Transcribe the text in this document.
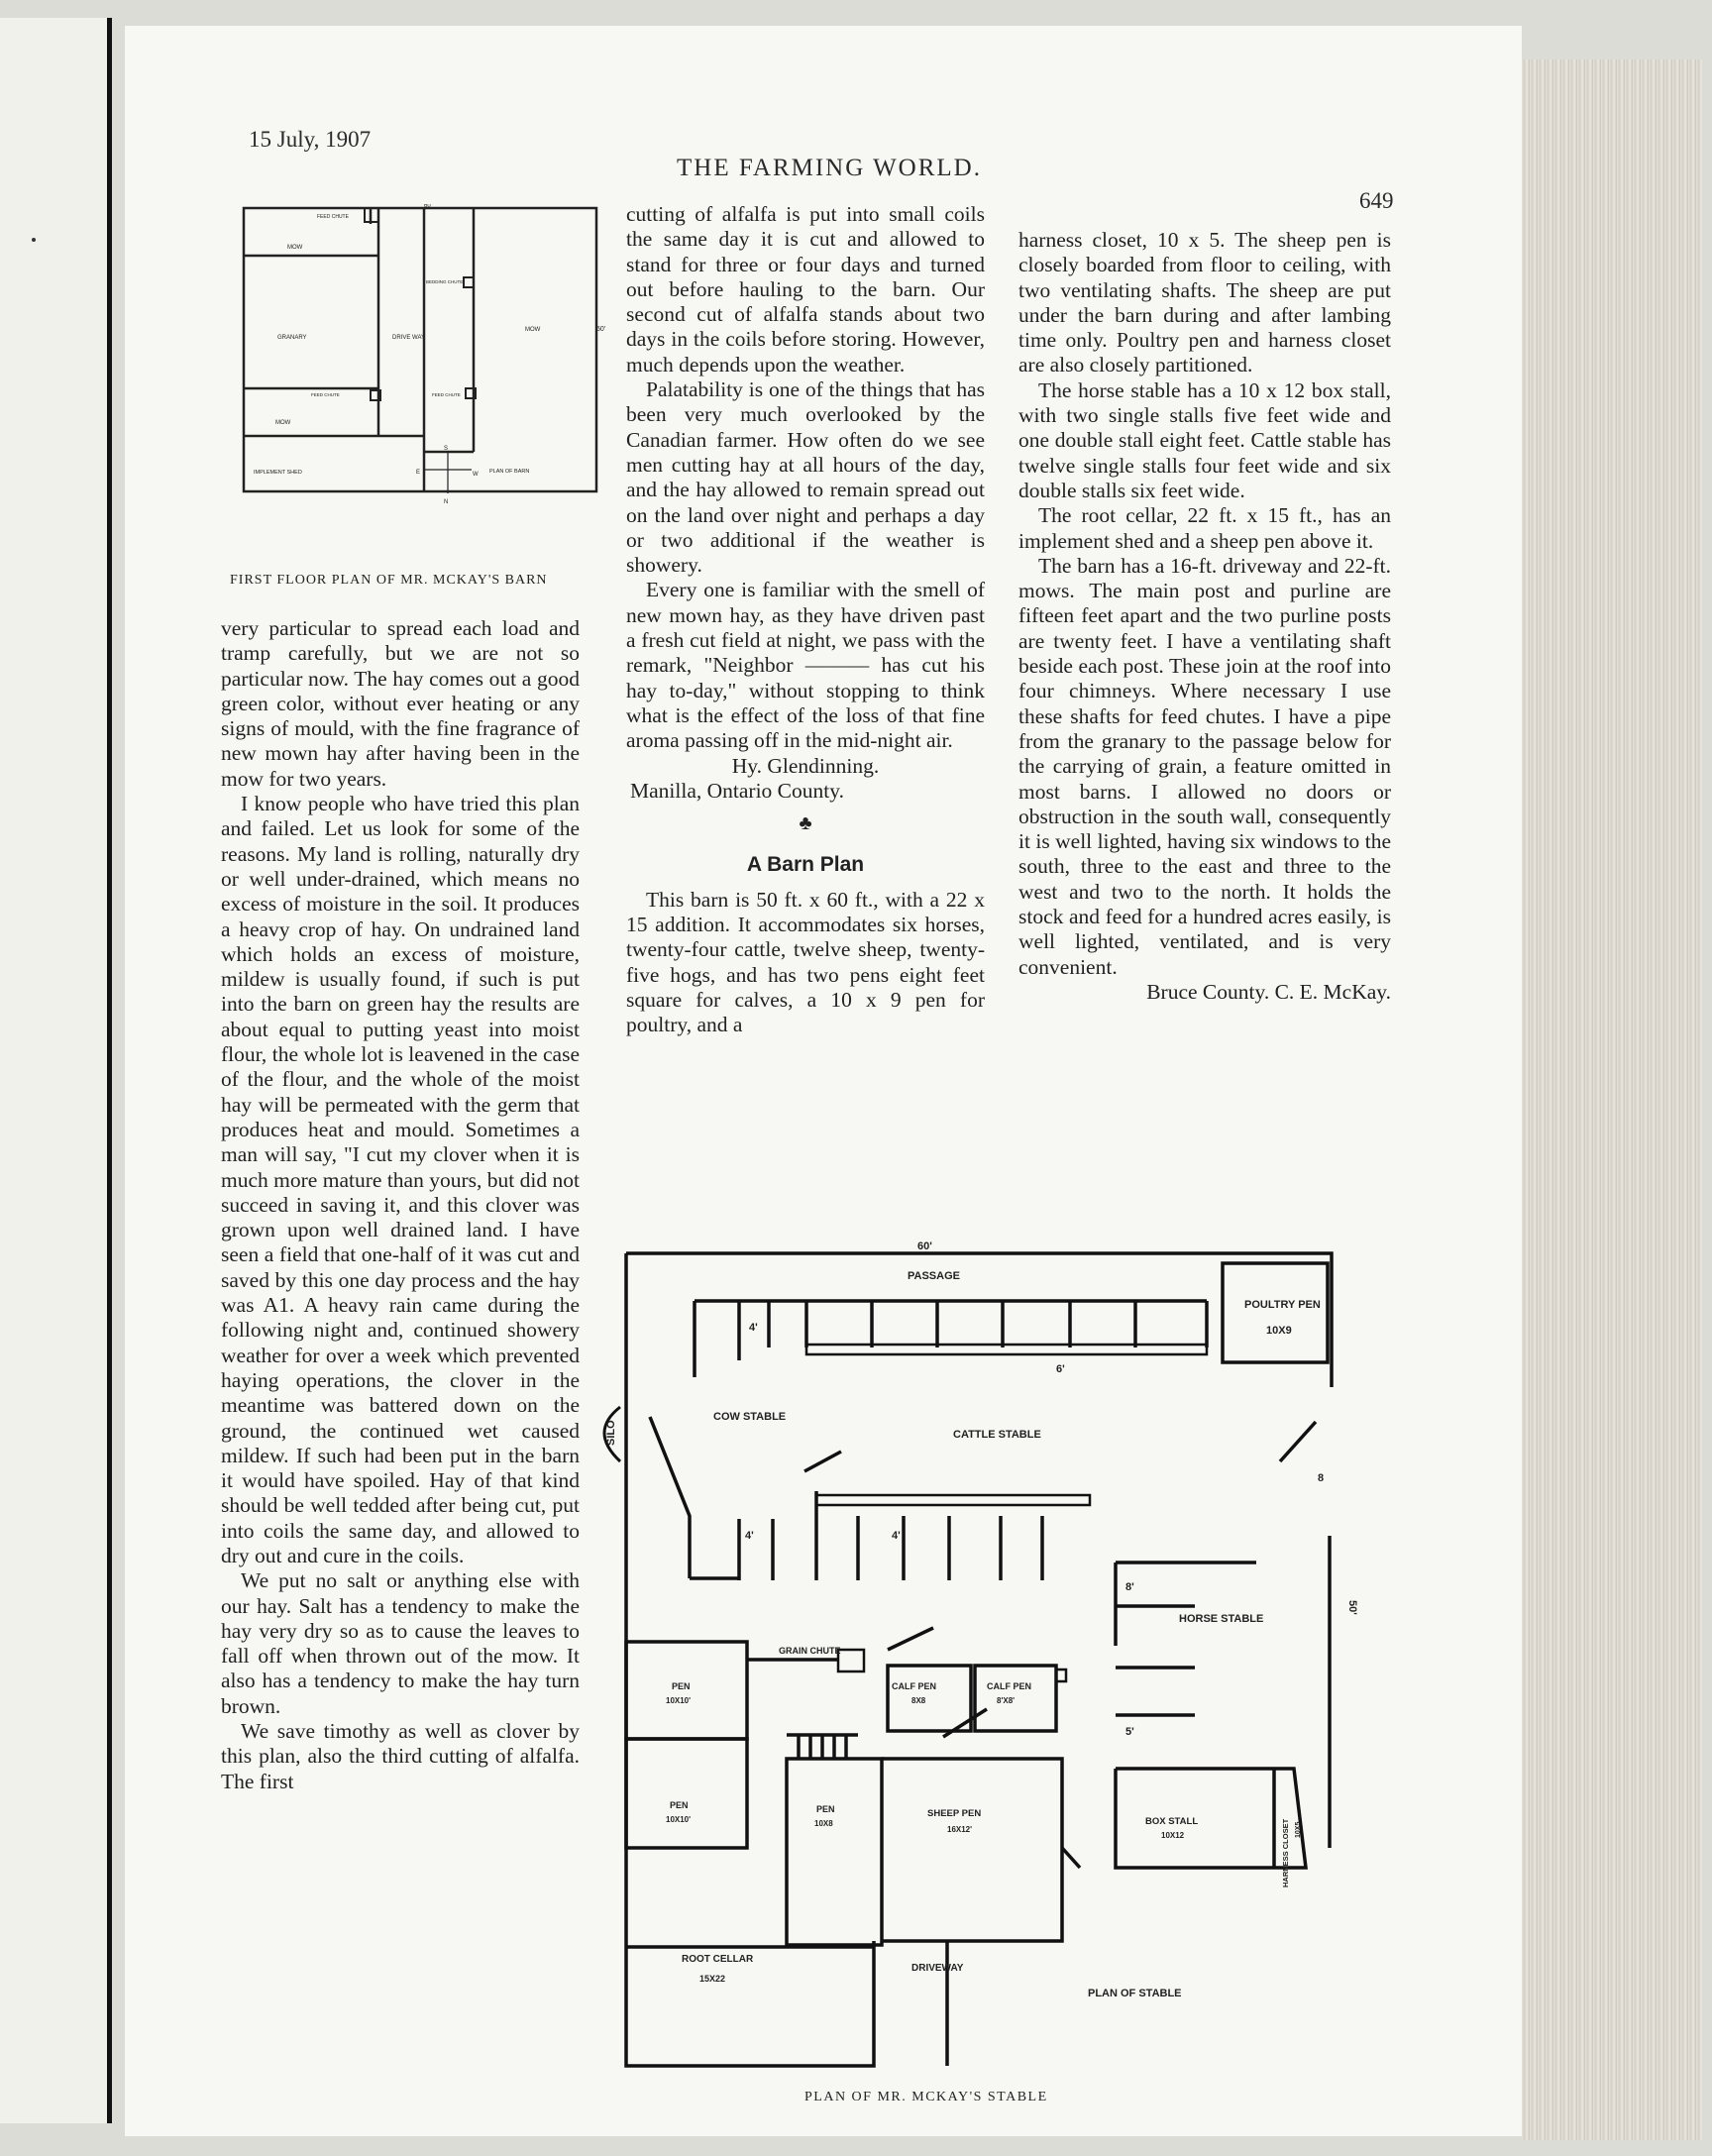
15 July, 1907
THE FARMING WORLD.
649
60'
50'
FEED CHUTE
MOW
BEDDING CHUTE
GRANARY	DRIVE WAY
MOW
FEED CHUTE	FEED CHUTE
MOW
IMPLEMENT SHED
S
N
E	W PLAN OF BARN
FIRST FLOOR PLAN OF MR. MCKAY'S BARN

very particular to spread each load and tramp carefully, but we are not so particular now. The hay comes out a good green color, without ever heating or any signs of mould, with the fine fragrance of new mown hay after having been in the mow for two years.

I know people who have tried this plan and failed. Let us look for some of the reasons. My land is rolling, naturally dry or well under-drained, which means no excess of moisture in the soil. It produces a heavy crop of hay. On undrained land which holds an excess of moisture, mildew is usually found, if such is put into the barn on green hay the results are about equal to putting yeast into moist flour, the whole lot is leavened in the case of the flour, and the whole of the moist hay will be permeated with the germ that produces heat and mould. Sometimes a man will say, "I cut my clover when it is much more mature than yours, but did not succeed in saving it, and this clover was grown upon well drained land. I have seen a field that one-half of it was cut and saved by this one day process and the hay was A1. A heavy rain came during the following night and, continued showery weather for over a week which prevented haying operations, the clover in the meantime was battered down on the ground, the continued wet caused mildew. If such had been put in the barn it would have spoiled. Hay of that kind should be well tedded after being cut, put into coils the same day, and allowed to dry out and cure in the coils.

We put no salt or anything else with our hay. Salt has a tendency to make the hay very dry so as to cause the leaves to fall off when thrown out of the mow. It also has a tendency to make the hay turn brown.

We save timothy as well as clover by this plan, also the third cutting of alfalfa. The first

cutting of alfalfa is put into small coils the same day it is cut and allowed to stand for three or four days and turned out before hauling to the barn. Our second cut of alfalfa stands about two days in the coils before storing. However, much depends upon the weather.

Palatability is one of the things that has been very much overlooked by the Canadian farmer. How often do we see men cutting hay at all hours of the day, and the hay allowed to remain spread out on the land over night and perhaps a day or two additional if the weather is showery.

Every one is familiar with the smell of new mown hay, as they have driven past a fresh cut field at night, we pass with the remark, "Neighbor ——— has cut his hay to-day," without stopping to think what is the effect of the loss of that fine aroma passing off in the mid-night air.

Hy. Glendinning.
Manilla, Ontario County.
♣
A Barn Plan

This barn is 50 ft. x 60 ft., with a 22 x 15 addition. It accommodates six horses, twenty-four cattle, twelve sheep, twenty-five hogs, and has two pens eight feet square for calves, a 10 x 9 pen for poultry, and a

harness closet, 10 x 5. The sheep pen is closely boarded from floor to ceiling, with two ventilating shafts. The sheep are put under the barn during and after lambing time only. Poultry pen and harness closet are also closely partitioned.

The horse stable has a 10 x 12 box stall, with two single stalls five feet wide and one double stall eight feet. Cattle stable has twelve single stalls four feet wide and six double stalls six feet wide.

The root cellar, 22 ft. x 15 ft., has an implement shed and a sheep pen above it.

The barn has a 16-ft. driveway and 22-ft. mows. The main post and purline are fifteen feet apart and the two purline posts are twenty feet. I have a ventilating shaft beside each post. These join at the roof into four chimneys. Where necessary I use these shafts for feed chutes. I have a pipe from the granary to the passage below for the carrying of grain, a feature omitted in most barns. I allowed no doors or obstruction in the south wall, consequently it is well lighted, having six windows to the south, three to the east and three to the west and two to the north. It holds the stock and feed for a hundred acres easily, is well lighted, ventilated, and is very convenient.

Bruce County. C. E. McKay.
60'
PASSAGE
POULTRY PEN
10X9
4'
6'
SILO
COW STABLE
CATTLE STABLE
8
4'	4'
8'
HORSE STABLE
50'
5'
GRAIN CHUTE
PEN
10X10'
CALF PEN
8X8
CALF PEN
8'X8'
PEN
10X10'
PEN
10X8
SHEEP PEN
16X12'
BOX STALL
10X12	HARNESS CLOSET 10X5
ROOT CELLAR
15X22
DRIVEWAY
PLAN OF STABLE
PLAN OF MR. MCKAY'S STABLE
